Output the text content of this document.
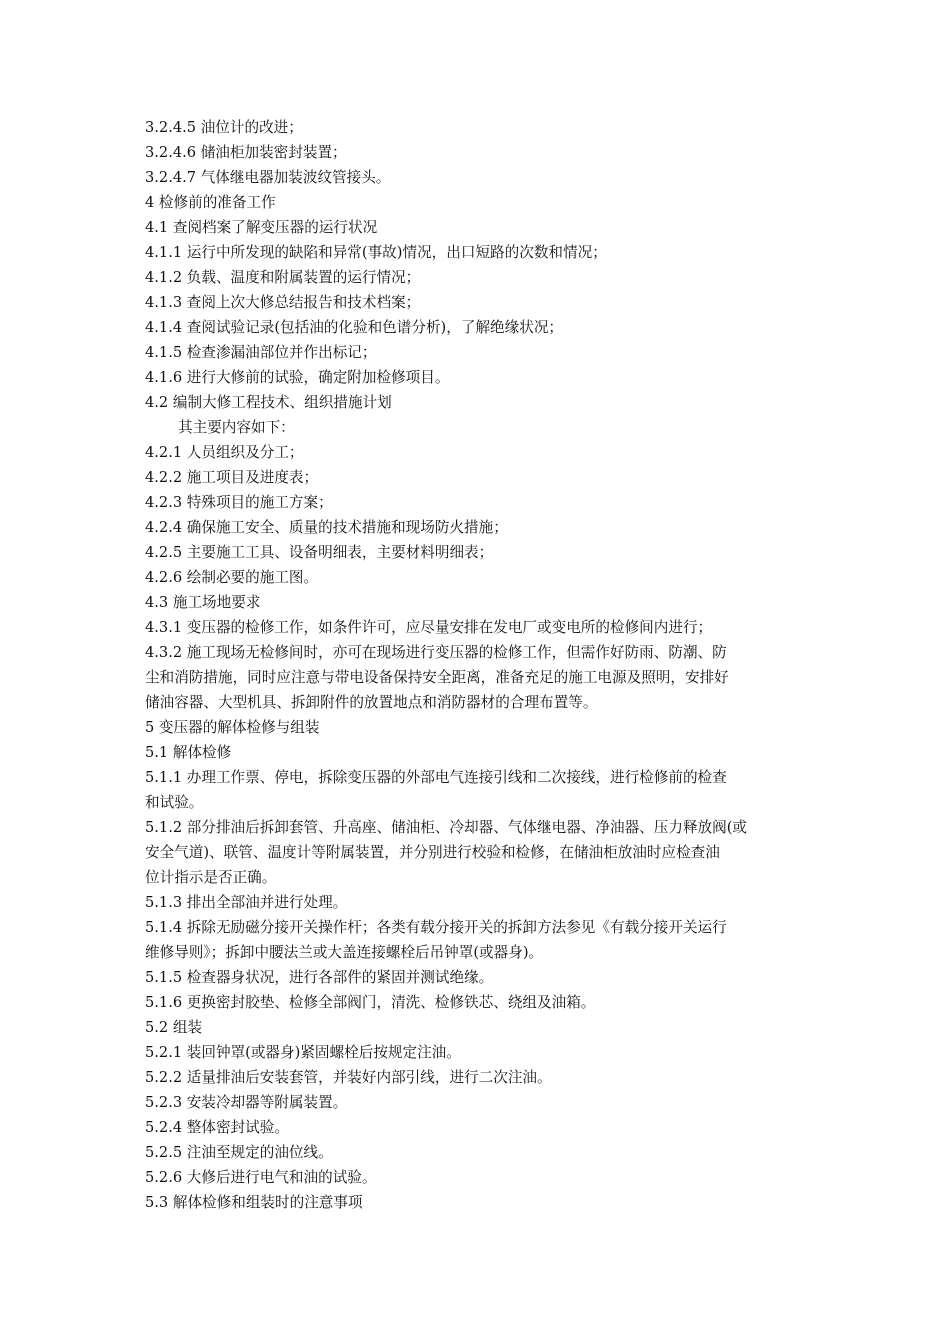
3.2.4.5 油位计的改进；
3.2.4.6 储油柜加装密封装置；
3.2.4.7 气体继电器加装波纹管接头。
4 检修前的准备工作
4.1 查阅档案了解变压器的运行状况
4.1.1 运行中所发现的缺陷和异常(事故)情况，出口短路的次数和情况；
4.1.2 负载、温度和附属装置的运行情况；
4.1.3 查阅上次大修总结报告和技术档案；
4.1.4 查阅试验记录(包括油的化验和色谱分析)，了解绝缘状况；
4.1.5 检查渗漏油部位并作出标记；
4.1.6 进行大修前的试验，确定附加检修项目。
4.2 编制大修工程技术、组织措施计划
其主要内容如下：
4.2.1 人员组织及分工；
4.2.2 施工项目及进度表；
4.2.3 特殊项目的施工方案；
4.2.4 确保施工安全、质量的技术措施和现场防火措施；
4.2.5 主要施工工具、设备明细表，主要材料明细表；
4.2.6 绘制必要的施工图。
4.3 施工场地要求
4.3.1 变压器的检修工作，如条件许可，应尽量安排在发电厂或变电所的检修间内进行；
4.3.2 施工现场无检修间时，亦可在现场进行变压器的检修工作，但需作好防雨、防潮、防
尘和消防措施，同时应注意与带电设备保持安全距离，准备充足的施工电源及照明，安排好
储油容器、大型机具、拆卸附件的放置地点和消防器材的合理布置等。
5 变压器的解体检修与组装
5.1 解体检修
5.1.1 办理工作票、停电，拆除变压器的外部电气连接引线和二次接线，进行检修前的检查
和试验。
5.1.2 部分排油后拆卸套管、升高座、储油柜、冷却器、气体继电器、净油器、压力释放阀(或
安全气道)、联管、温度计等附属装置，并分别进行校验和检修，在储油柜放油时应检查油
位计指示是否正确。
5.1.3 排出全部油并进行处理。
5.1.4 拆除无励磁分接开关操作杆；各类有载分接开关的拆卸方法参见《有载分接开关运行
维修导则》；拆卸中腰法兰或大盖连接螺栓后吊钟罩(或器身)。
5.1.5 检查器身状况，进行各部件的紧固并测试绝缘。
5.1.6 更换密封胶垫、检修全部阀门，清洗、检修铁芯、绕组及油箱。
5.2 组装
5.2.1 装回钟罩(或器身)紧固螺栓后按规定注油。
5.2.2 适量排油后安装套管，并装好内部引线，进行二次注油。
5.2.3 安装冷却器等附属装置。
5.2.4 整体密封试验。
5.2.5 注油至规定的油位线。
5.2.6 大修后进行电气和油的试验。
5.3 解体检修和组装时的注意事项
